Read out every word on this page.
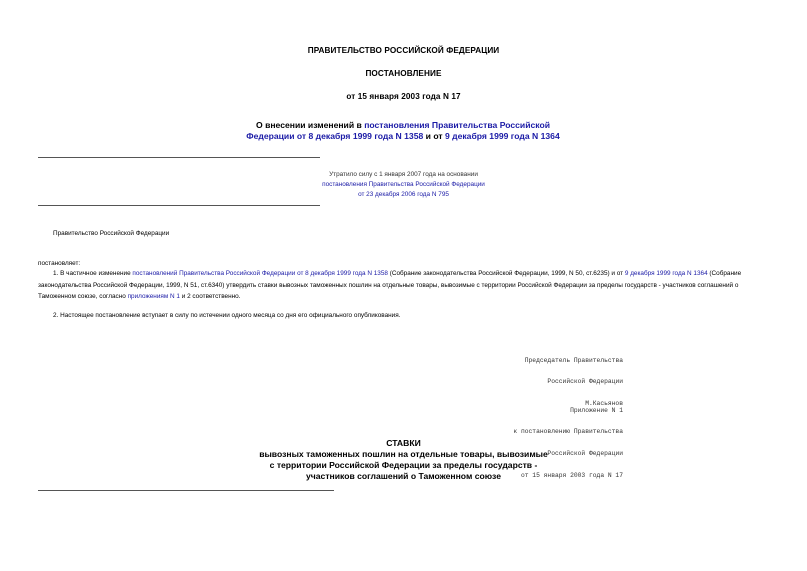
ПРАВИТЕЛЬСТВО РОССИЙСКОЙ ФЕДЕРАЦИИ
ПОСТАНОВЛЕНИЕ
от 15 января 2003 года N 17
О внесении изменений в постановления Правительства Российской Федерации от 8 декабря 1999 года N 1358 и от 9 декабря 1999 года N 1364
Утратило силу с 1 января 2007 года на основании
постановления Правительства Российской Федерации
от 23 декабря 2006 года N 795
Правительство Российской Федерации
постановляет:
1. В частичное изменение постановлений Правительства Российской Федерации от 8 декабря 1999 года N 1358 (Собрание законодательства Российской Федерации, 1999, N 50, ст.6235) и от 9 декабря 1999 года N 1364 (Собрание законодательства Российской Федерации, 1999, N 51, ст.6340) утвердить ставки вывозных таможенных пошлин на отдельные товары, вывозимые с территории Российской Федерации за пределы государств - участников соглашений о Таможенном союзе, согласно приложениям N 1 и 2 соответственно.
2. Настоящее постановление вступает в силу по истечении одного месяца со дня его официального опубликования.

Председатель Правительства

Российской Федерации

М.Касьянов

Приложение N 1

к постановлению Правительства

Российской Федерации

от 15 января 2003 года N 17

СТАВКИ
вывозных таможенных пошлин на отдельные товары, вывозимые
с территории Российской Федерации за пределы государств -
участников соглашений о Таможенном союзе
